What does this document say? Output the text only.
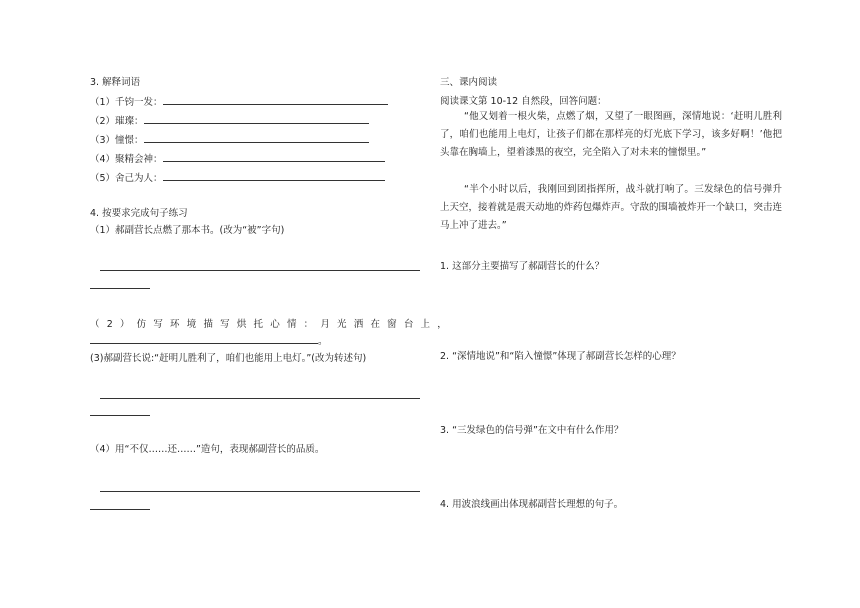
3. 解释词语
（1）千钧一发：
（2）璀璨：
（3）憧憬：
（4）聚精会神：
（5）舍己为人：
4. 按要求完成句子练习
（1）郝副营长点燃了那本书。(改为“被”字句)
（2）仿写环境描写烘托心情：月光洒在窗台上，
。
(3)郝副营长说:“赶明儿胜利了，咱们也能用上电灯。”(改为转述句)
（4）用“不仅……还……”造句，表现郝副营长的品质。
三、课内阅读
阅读课文第 10-12 自然段，回答问题：
“他又划着一根火柴，点燃了烟，又望了一眼图画，深情地说：‘赶明儿胜利了，咱们也能用上电灯，让孩子们都在那样亮的灯光底下学习，该多好啊！’他把头靠在胸墙上，望着漆黑的夜空，完全陷入了对未来的憧憬里。”
“半个小时以后，我刚回到团指挥所，战斗就打响了。三发绿色的信号弹升上天空，接着就是震天动地的炸药包爆炸声。守敌的围墙被炸开一个缺口，突击连马上冲了进去。”
1. 这部分主要描写了郝副营长的什么？
2. “深情地说”和“陷入憧憬”体现了郝副营长怎样的心理？
3. “三发绿色的信号弹”在文中有什么作用？
4. 用波浪线画出体现郝副营长理想的句子。
